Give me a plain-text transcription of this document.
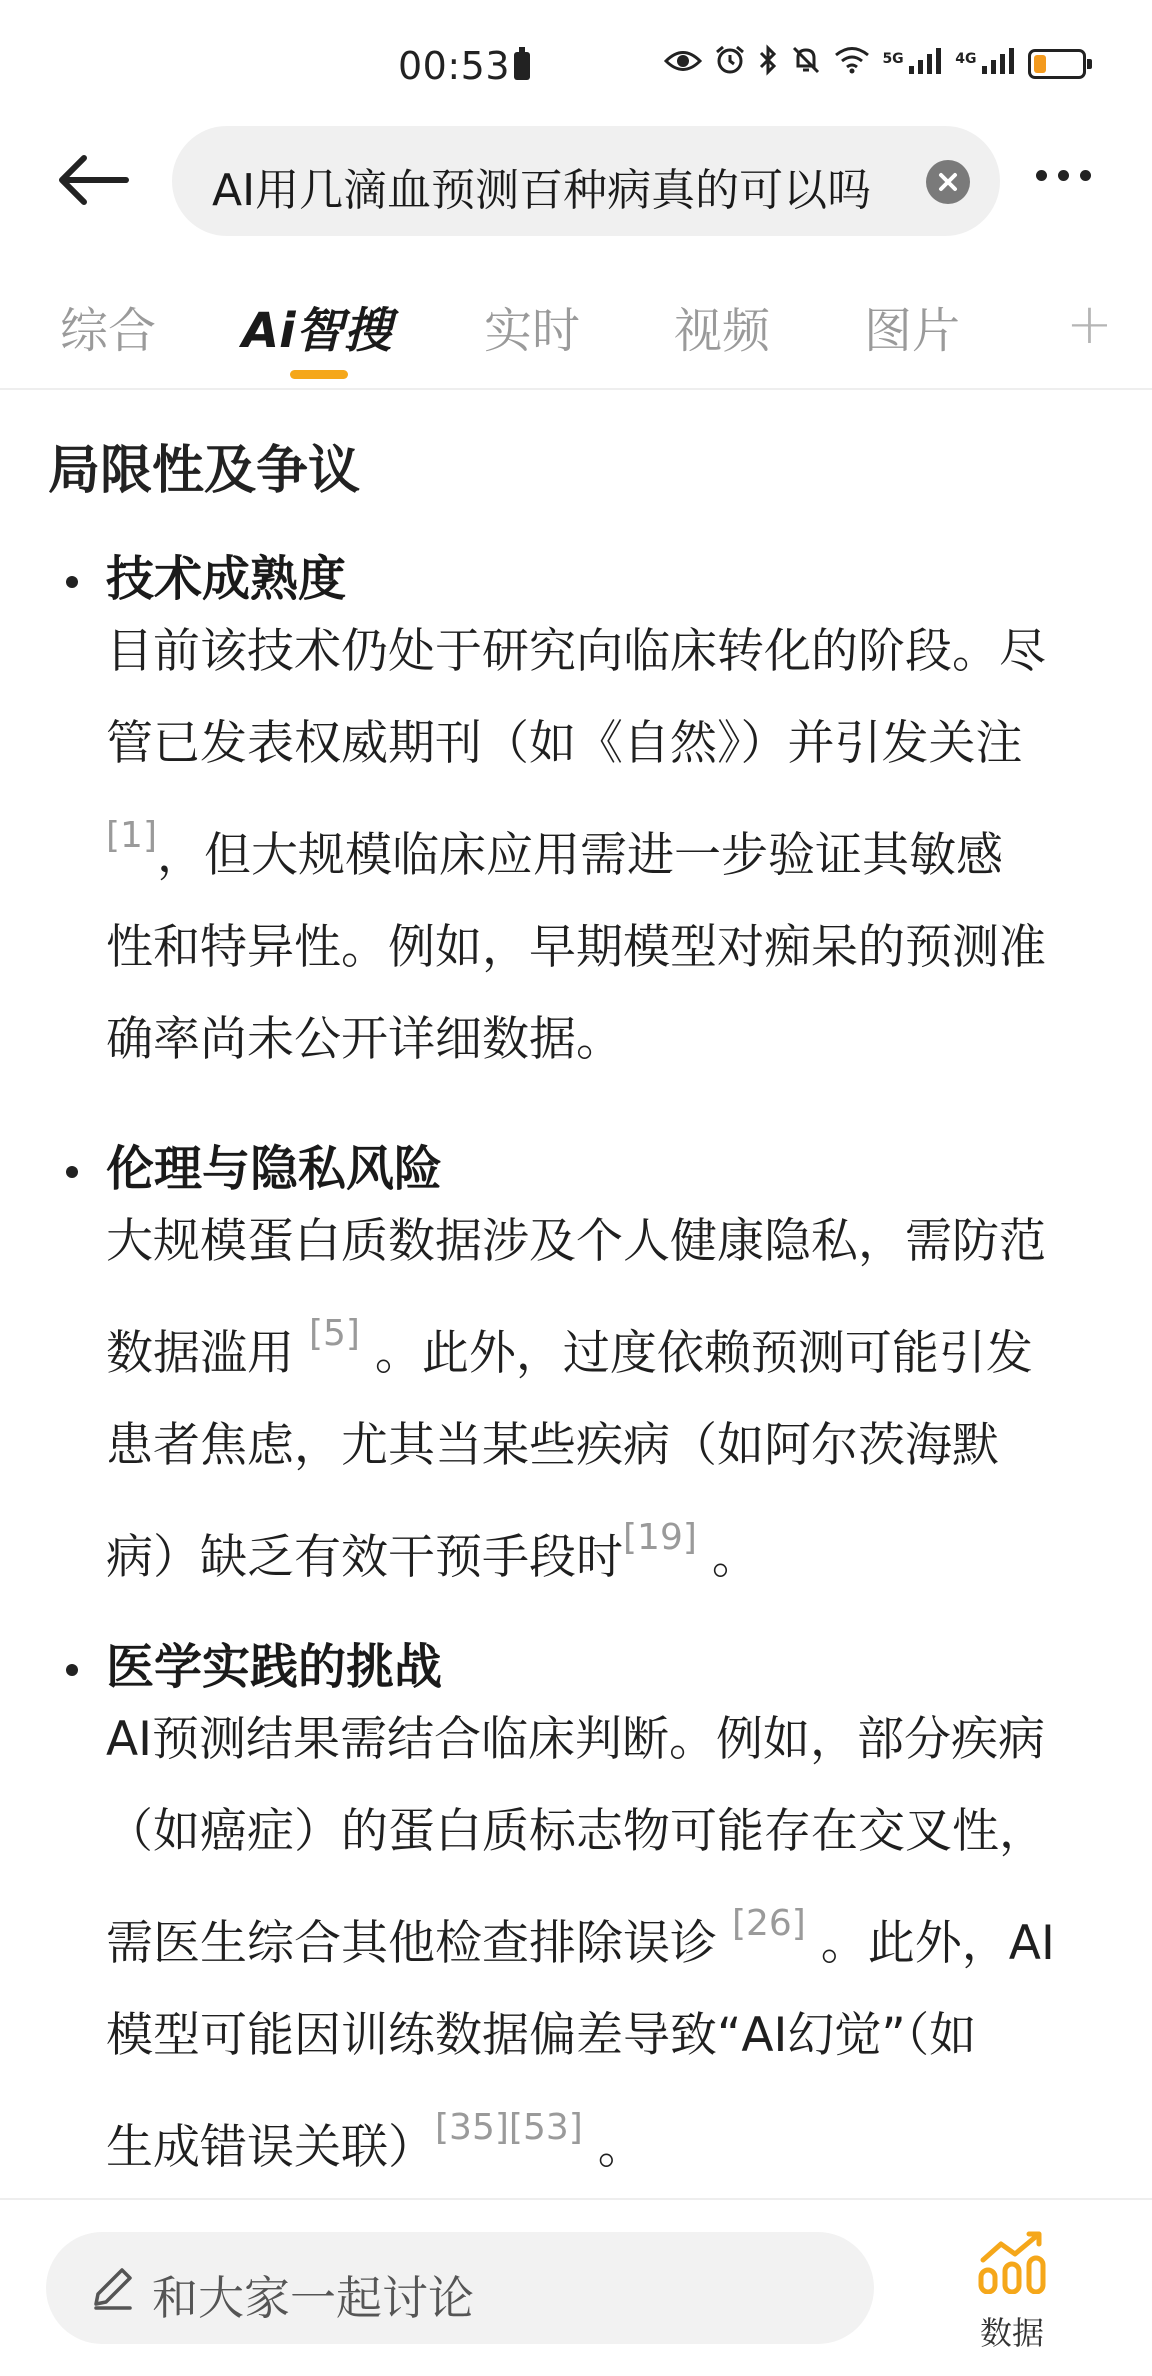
00:53	5G	4G
AI用几滴血预测百种病真的可以吗
综合 Ai智搜 实时 视频 图片 +
局限性及争议
技术成熟度
目前该技术仍处于研究向临床转化的阶段。尽
管已发表权威期刊（如《自然》）并引发关注
[1]，但大规模临床应用需进一步验证其敏感
性和特异性。例如，早期模型对痴呆的预测准
确率尚未公开详细数据。
伦理与隐私风险
大规模蛋白质数据涉及个人健康隐私，需防范
数据滥用 [5] 。此外，过度依赖预测可能引发
患者焦虑，尤其当某些疾病（如阿尔茨海默
病）缺乏有效干预手段时[19] 。
医学实践的挑战
AI预测结果需结合临床判断。例如，部分疾病
（如癌症）的蛋白质标志物可能存在交叉性，
需医生综合其他检查排除误诊 [26] 。此外，AI
模型可能因训练数据偏差导致“AI幻觉”（如
生成错误关联）[35][53] 。
和大家一起讨论
数据
